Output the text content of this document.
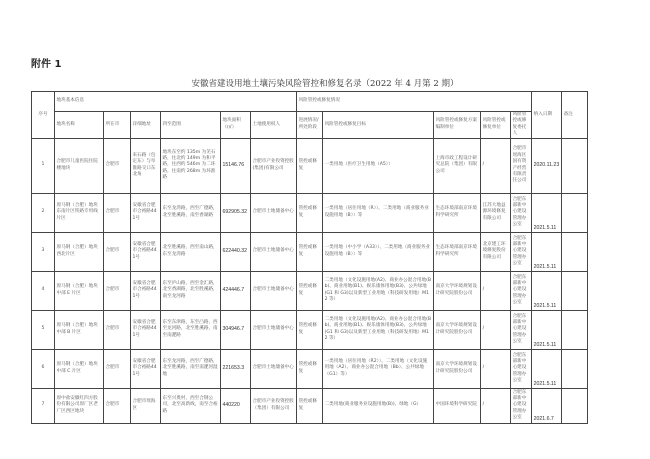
附件 1
安徽省建设用地土壤污染风险管控和修复名录（2022 年 4 月第 2 期）
序号	地块基本信息						风险管控或修复情况					纳入日期	备注
	地块名称	所在市	详细地址	四至范围	地块面积（㎡）	土地使用权人	进展情况/所处阶段	风险管控或修复目标	风险管控或修复方案编制单位	风险管控或修复单位	风险管控或修复委托人		
1	合肥市儿童医院住院楼地块	合肥市	来石路（包定东）与阜淮路交口东北角	地块东至约 135m 为芜石路，往北约 149m 为和平路，往西约 546m 为二环路，往南约 268m 为环淮路	15146.76	合肥市产业投资控股(集团)有限公司	管控或修复	一类用地（医疗卫生用地（A5））	上海市政工程设计研究总院（集团）有限公司	/	合肥市瑶海区国有资产经营有限责任公司	2020.11.23	
2	原马钢（合肥）地块东南片区铁路专用线片区	合肥市	安徽省合肥市合裕路441号	东至龙湾路，西至广德路，北至胜溪路，南至香湖路	692905.32	合肥市土地储备中心	管控或修复	一类用地（居住用地（R））、二类用地（商业服务业设施用地（B））等	生态环境部南京环境科学研究所	江苏大地益源环境修复有限公司	合肥东部新中心建设管理办公室	2021.5.11	
3	原马钢（合肥）地块西北片区	合肥市	安徽省合肥市合裕路441号	北至胜溪路，西至南山路，东至龙湾路	622440.32	合肥市土地储备中心	管控或修复	一类用地（中小学（A33））、二类用地（商业服务业设施用地（B））等	生态环境部南京环境科学研究所	北京建工环境修复股份有限公司	合肥东部新中心建设管理办公室	2021.5.11	
4	原马钢（合肥）地块中部 E 片区	合肥市	安徽省合肥市合裕路441号	东至庐山路，西至金汇路，北至香湖路，北至胜溪路，南至龙河路	424446.7	合肥市土地储备中心	管控或修复	二类用地（文化设施用地(A2)、商业办公混合用地(Bb)、商业用地(B1)、娱乐康体用地(B3)、公共绿地(G1 和 G3)以及新型工业用地（科技研发用地）M12 等）	南京大学环境规划设计研究院股份公司	/	合肥东部新中心建设管理办公室	2021.5.11	
5	原马钢（合肥）地块中部 B 片区	合肥市	安徽省合肥市合裕路441号	东至东津路，东至凸路，西至龙河路，北至胜溪路，南至南淝路	304946.7	合肥市土地储备中心	管控或修复	二类用地（文化设施用地(A2)、商业办公混合用地(Bb)、商业用地(B1)、娱乐康体用地(B3)、公共绿地(G1 和 G3)以及新型工业用地（科技研发用地）M12 等）	南京大学环境规划设计研究院股份公司	/	合肥东部新中心建设管理办公室	2021.5.11	
6	原马钢（合肥）地块中部 C 片区	合肥市	安徽省合肥市合裕路441号	东至龙河路，西至广德路，北至胜溪路，南至南淝河湿地	221653.3	合肥市土地储备中心	管控或修复	一类用地（居住用地（R2））、二类用地（文化设施用地（A2）、商业办公混合用地（Bb）、公共绿地（G1）等）	南京大学环境规划设计研究院股份公司	/	合肥东部新中心建设管理办公室	2021.5.11	
7	原中盐安徽红四方股份有限公司原厂区老厂区西区地块	合肥市	合肥市瑶海区	东至兴奥村，西至合钢公司，北至高新线，南至合裕路	440220	合肥市产业投资控股（集团）有限公司	管控或修复	二类用地(商业服务业设施用地(B))、绿地（G）	中国环境科学研究院	/	合肥东部新中心建设管理办公室	2021.6.7	
